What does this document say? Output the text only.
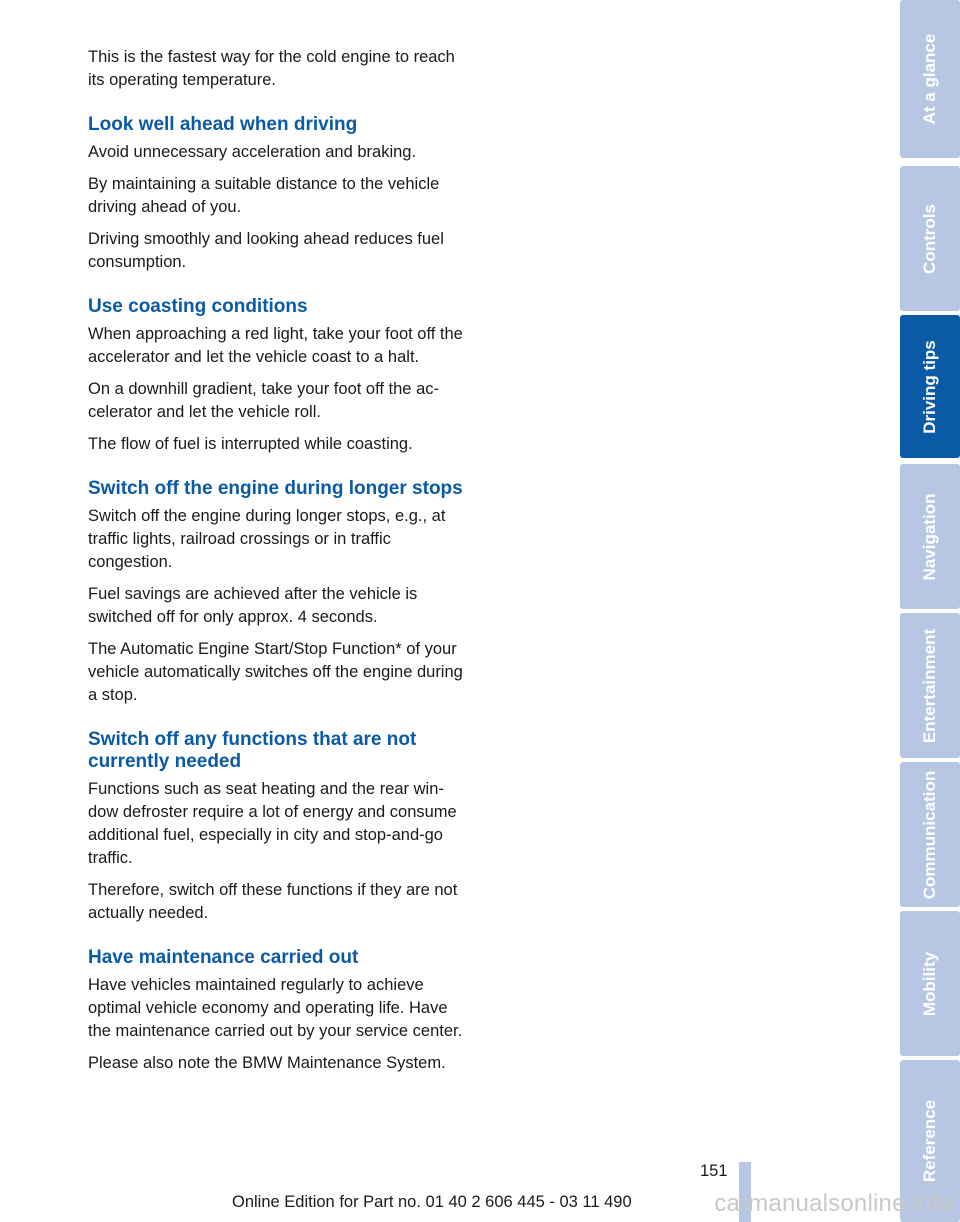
This is the fastest way for the cold engine to reach its operating temperature.

Look well ahead when driving

Avoid unnecessary acceleration and braking.

By maintaining a suitable distance to the vehicle driving ahead of you.

Driving smoothly and looking ahead reduces fuel consumption.

Use coasting conditions

When approaching a red light, take your foot off the accelerator and let the vehicle coast to a halt.

On a downhill gradient, take your foot off the accelerator and let the vehicle roll.

The flow of fuel is interrupted while coasting.

Switch off the engine during longer stops

Switch off the engine during longer stops, e.g., at traffic lights, railroad crossings or in traffic congestion.

Fuel savings are achieved after the vehicle is switched off for only approx. 4 seconds.

The Automatic Engine Start/Stop Function* of your vehicle automatically switches off the engine during a stop.

Switch off any functions that are not currently needed

Functions such as seat heating and the rear window defroster require a lot of energy and consume additional fuel, especially in city and stop-and-go traffic.

Therefore, switch off these functions if they are not actually needed.

Have maintenance carried out

Have vehicles maintained regularly to achieve optimal vehicle economy and operating life. Have the maintenance carried out by your service center.

Please also note the BMW Maintenance System.

At a glance
Controls
Driving tips
Navigation
Entertainment
Communication
Mobility
Reference
151
Online Edition for Part no. 01 40 2 606 445 - 03 11 490	carmanualsonline.info
